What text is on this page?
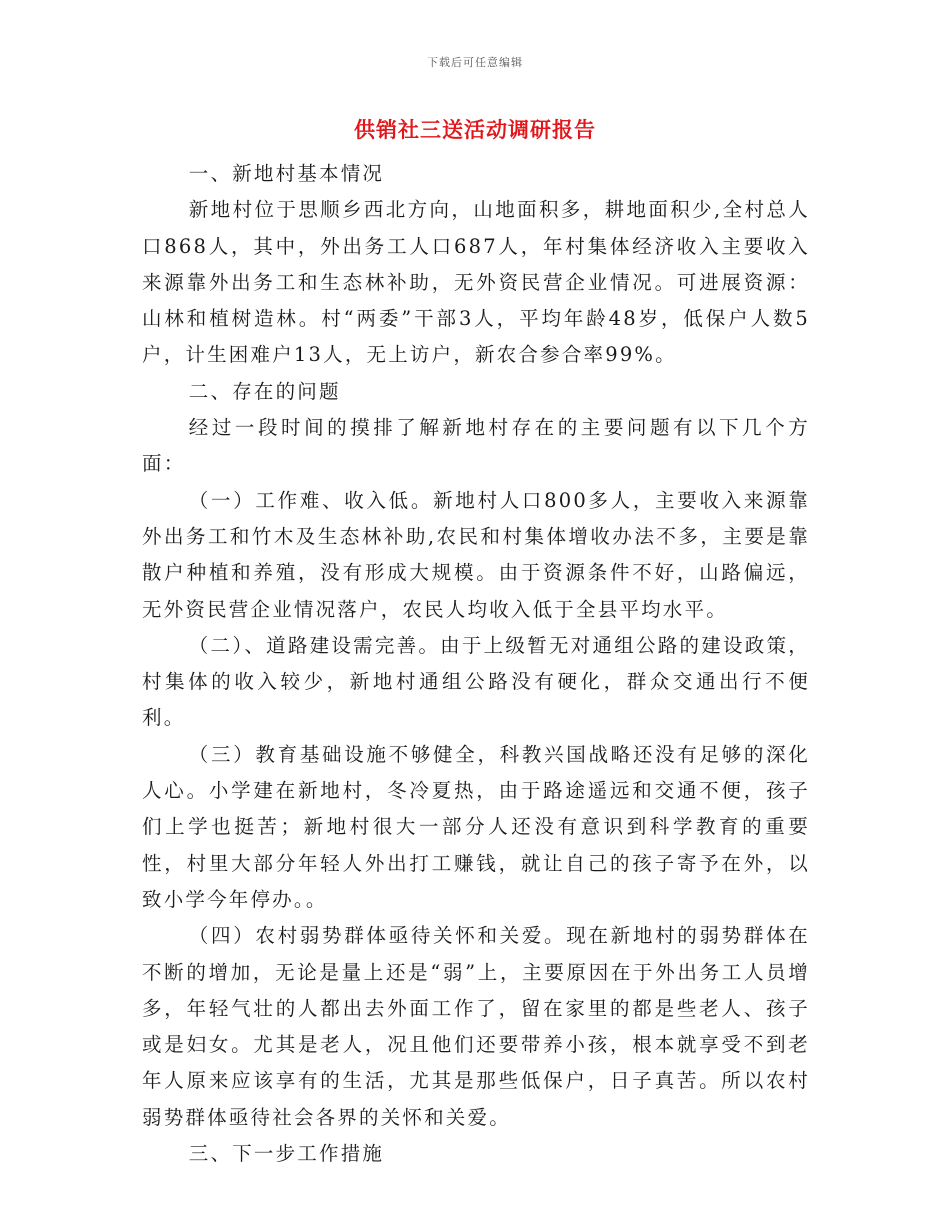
下载后可任意编辑
供销社三送活动调研报告

一、新地村基本情况

新地村位于思顺乡西北方向，山地面积多，耕地面积少,全村总人口868人，其中，外出务工人口687人，年村集体经济收入主要收入来源靠外出务工和生态林补助，无外资民营企业情况。可进展资源：山林和植树造林。村“两委”干部3人，平均年龄48岁，低保户人数5户，计生困难户13人，无上访户，新农合参合率99%。

二、存在的问题

经过一段时间的摸排了解新地村存在的主要问题有以下几个方面：

（一）工作难、收入低。新地村人口800多人，主要收入来源靠外出务工和竹木及生态林补助,农民和村集体增收办法不多，主要是靠散户种植和养殖，没有形成大规模。由于资源条件不好，山路偏远，无外资民营企业情况落户，农民人均收入低于全县平均水平。

（二）、道路建设需完善。由于上级暂无对通组公路的建设政策，村集体的收入较少，新地村通组公路没有硬化，群众交通出行不便利。

（三）教育基础设施不够健全，科教兴国战略还没有足够的深化人心。小学建在新地村，冬冷夏热，由于路途遥远和交通不便，孩子们上学也挺苦；新地村很大一部分人还没有意识到科学教育的重要性，村里大部分年轻人外出打工赚钱，就让自己的孩子寄予在外，以致小学今年停办。。

（四）农村弱势群体亟待关怀和关爱。现在新地村的弱势群体在不断的增加，无论是量上还是“弱”上，主要原因在于外出务工人员增多，年轻气壮的人都出去外面工作了，留在家里的都是些老人、孩子或是妇女。尤其是老人，况且他们还要带养小孩，根本就享受不到老年人原来应该享有的生活，尤其是那些低保户，日子真苦。所以农村弱势群体亟待社会各界的关怀和关爱。

三、下一步工作措施
